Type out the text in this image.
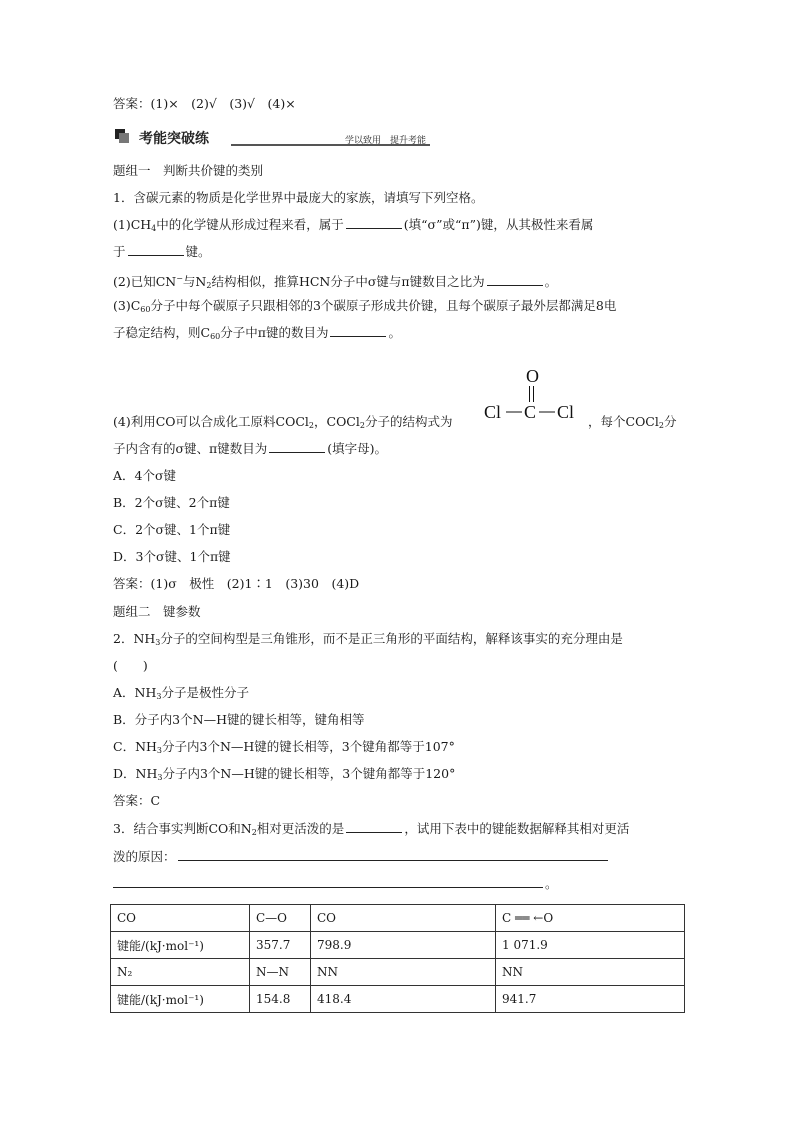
答案：(1)×　(2)√　(3)√　(4)×
考能突破练	学以致用　提升考能
题组一　判断共价键的类别
1．含碳元素的物质是化学世界中最庞大的家族，请填写下列空格。
$(1)CH_4$中的化学键从形成过程来看，属于	(填“σ”或“π”)键，从其极性来看属
于	键。
(2)已知CN−与$N_2$结构相似，推算HCN分子中σ键与π键数目之比为	。
$(3)C_{60}$分子中每个碳原子只跟相邻的3个碳原子形成共价键，且每个碳原子最外层都满足8电
子稳定结构，则$C_{60}$分子中π键的数目为	。
(4)利用CO可以合成化工原料COCl$_2$，COCl$_2$分子的结构式为
O
C
Cl	Cl ，每个COCl$_2$分
子内含有的σ键、π键数目为	(填字母)。
A．4个σ键
B．2个σ键、2个π键
C．2个σ键、1个π键
D．3个σ键、1个π键
答案：(1)σ　极性　(2)1∶1　(3)30　(4)D
题组二　键参数
2．$NH_3$分子的空间构型是三角锥形，而不是正三角形的平面结构，解释该事实的充分理由是
(　　)
A．$NH_3$分子是极性分子
B．分子内3个N—H键的键长相等，键角相等
C．$NH_3$分子内3个N—H键的键长相等，3个键角都等于107°
D．$NH_3$分子内3个N—H键的键长相等，3个键角都等于120°
答案：C
3．结合事实判断CO和$N_2$相对更活泼的是	，试用下表中的键能数据解释其相对更活
泼的原因：
。
CO	C—O	CO	C ══ ←O
键能/(kJ·mol⁻¹)	357.7	798.9	1 071.9
N₂	N—N	NN	NN
键能/(kJ·mol⁻¹)	154.8	418.4	941.7
